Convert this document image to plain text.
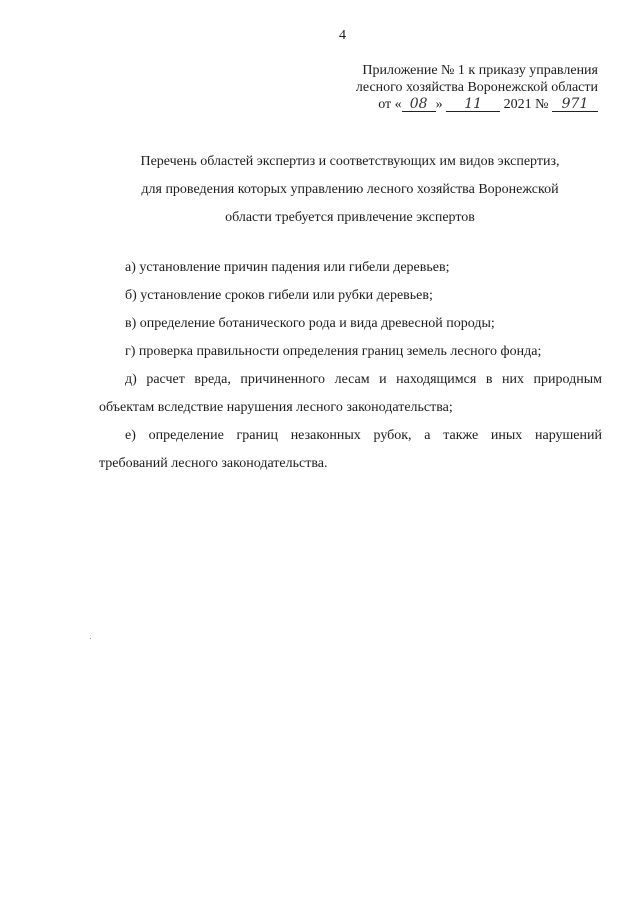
4
Приложение № 1 к приказу управления
лесного хозяйства Воронежской области
от « 08 » 11 2021 № 971
Перечень областей экспертиз и соответствующих им видов экспертиз,
для проведения которых управлению лесного хозяйства Воронежской
области требуется привлечение экспертов
а) установление причин падения или гибели деревьев;
б) установление сроков гибели или рубки деревьев;
в) определение ботанического рода и вида древесной породы;
г) проверка правильности определения границ земель лесного фонда;
д) расчет вреда, причиненного лесам и находящимся в них природным
объектам вследствие нарушения лесного законодательства;
е) определение границ незаконных рубок, а также иных нарушений
требований лесного законодательства.
